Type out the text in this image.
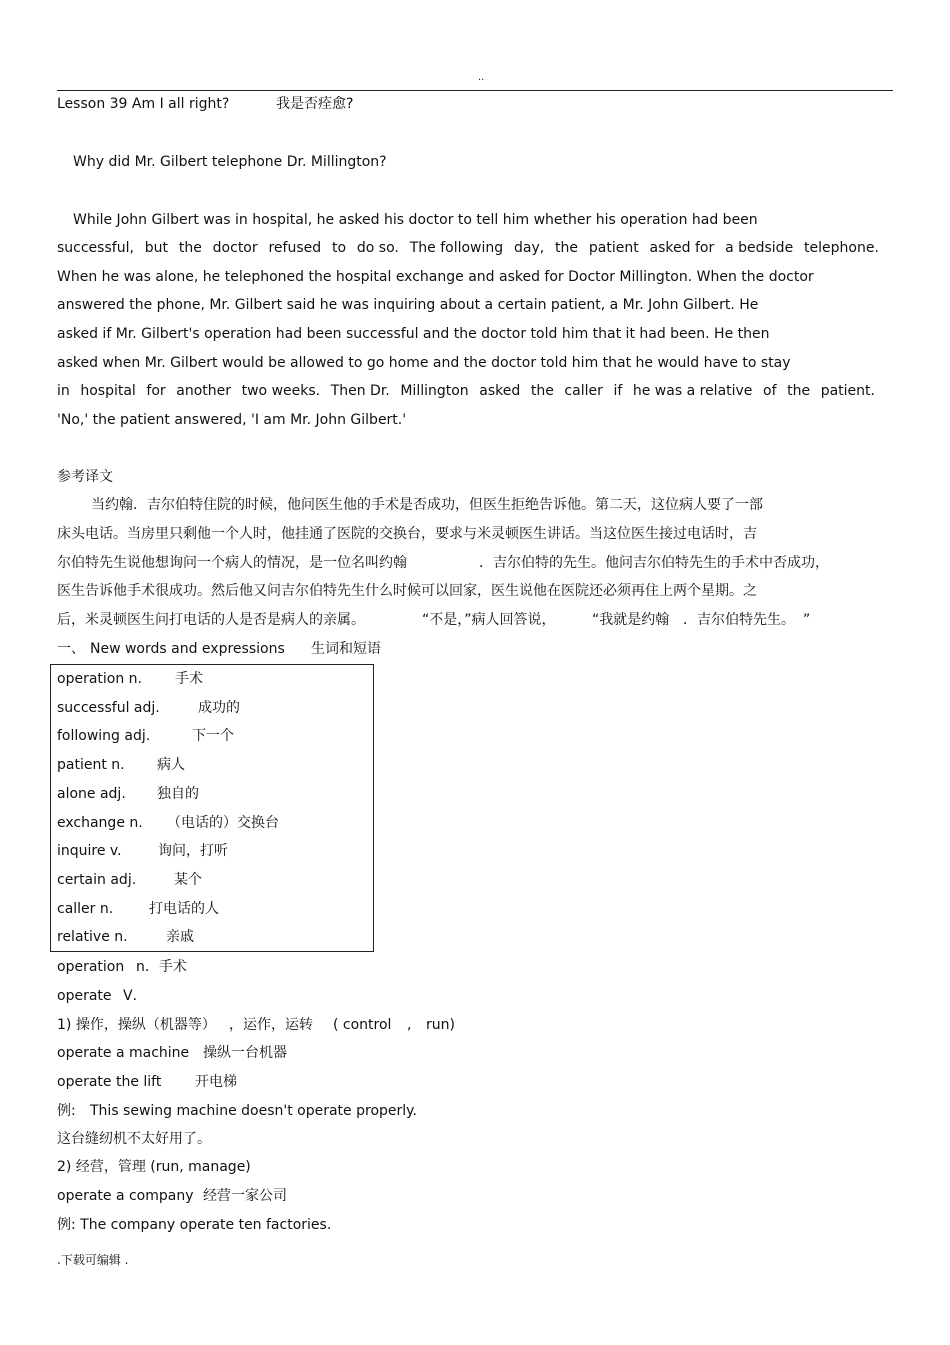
..
Lesson 39 Am I all right?	我是否痊愈?
Why did Mr. Gilbert telephone Dr. Millington?
While John Gilbert was in hospital, he asked his doctor to tell him whether his operation had been
successful, but the doctor refused to do so. The following day, the patient asked for a bedside telephone.
When he was alone, he telephoned the hospital exchange and asked for Doctor Millington. When the doctor
answered the phone, Mr. Gilbert said he was inquiring about a certain patient, a Mr. John Gilbert. He
asked if Mr. Gilbert's operation had been successful and the doctor told him that it had been. He then
asked when Mr. Gilbert would be allowed to go home and the doctor told him that he would have to stay
in hospital for another two weeks. Then Dr. Millington asked the caller if he was a relative of the patient.
'No,' the patient answered, 'I am Mr. John Gilbert.'
参考译文
当约翰．吉尔伯特住院的时候，他问医生他的手术是否成功，但医生拒绝告诉他。第二天，这位病人要了一部
床头电话。当房里只剩他一个人时，他挂通了医院的交换台，要求与米灵顿医生讲话。当这位医生接过电话时，吉
尔伯特先生说他想询问一个病人的情况，是一位名叫约翰	．吉尔伯特的先生。他问吉尔伯特先生的手术中否成功，
医生告诉他手术很成功。然后他又问吉尔伯特先生什么时候可以回家，医生说他在医院还必须再住上两个星期。之
后，米灵顿医生问打电话的人是否是病人的亲属。	“不是，”病人回答说，	“我就是约翰 ．吉尔伯特先生。 ”
一、 New words and expressions 生词和短语
operation n. 手术
successful adj.	成功的
following adj.	下一个
patient n. 病人
alone adj. 独自的
exchange n. （电话的）交换台
inquire v.	询问，打听
certain adj.	某个
caller n.	打电话的人
relative n.	亲戚
operation n．手术
operate V．
1) 操作，操纵（机器等） ，运作，运转 ( control , run)
operate a machine 操纵一台机器
operate the lift 开电梯
例: This sewing machine doesn't operate properly.
这台缝纫机不太好用了。
2) 经营，管理 (run, manage)
operate a company 经营一家公司
例: The company operate ten factories.
.下载可编辑 .
